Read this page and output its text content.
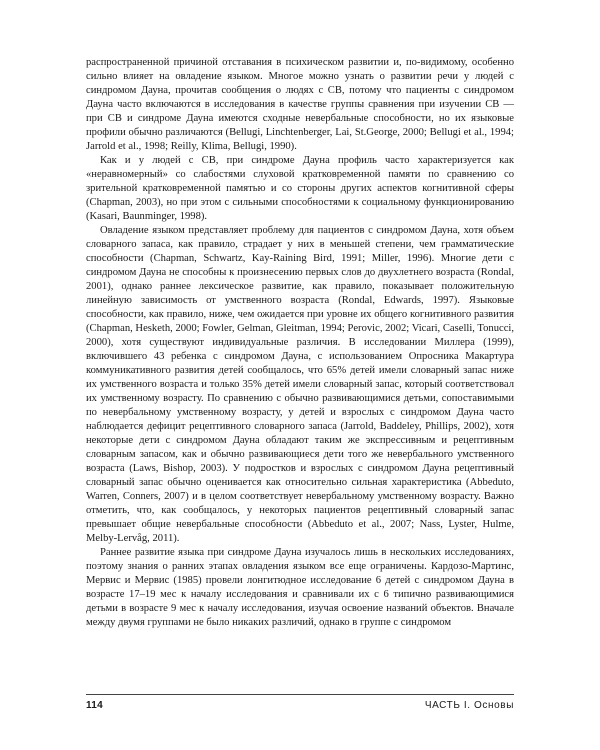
распространенной причиной отставания в психическом развитии и, по-видимому, особенно сильно влияет на овладение языком. Многое можно узнать о развитии речи у людей с синдромом Дауна, прочитав сообщения о людях с СВ, потому что пациенты с синдромом Дауна часто включаются в исследования в качестве группы сравнения при изучении СВ — при СВ и синдроме Дауна имеются сходные невербальные способности, но их языковые профили обычно различаются (Bellugi, Linchtenberger, Lai, St.George, 2000; Bellugi et al., 1994; Jarrold et al., 1998; Reilly, Klima, Bellugi, 1990).

Как и у людей с СВ, при синдроме Дауна профиль часто характеризуется как «неравномерный» со слабостями слуховой кратковременной памяти по сравнению со зрительной кратковременной памятью и со стороны других аспектов когнитивной сферы (Chapman, 2003), но при этом с сильными способностями к социальному функционированию (Kasari, Baunminger, 1998).

Овладение языком представляет проблему для пациентов с синдромом Дауна, хотя объем словарного запаса, как правило, страдает у них в меньшей степени, чем грамматические способности (Chapman, Schwartz, Kay-Raining Bird, 1991; Miller, 1996). Многие дети с синдромом Дауна не способны к произнесению первых слов до двухлетнего возраста (Rondal, 2001), однако раннее лексическое развитие, как правило, показывает положительную линейную зависимость от умственного возраста (Rondal, Edwards, 1997). Языковые способности, как правило, ниже, чем ожидается при уровне их общего когнитивного развития (Chapman, Hesketh, 2000; Fowler, Gelman, Gleitman, 1994; Perovic, 2002; Vicari, Caselli, Tonucci, 2000), хотя существуют индивидуальные различия. В исследовании Миллера (1999), включившего 43 ребенка с синдромом Дауна, с использованием Опросника Макартура коммуникативного развития детей сообщалось, что 65% детей имели словарный запас ниже их умственного возраста и только 35% детей имели словарный запас, который соответствовал их умственному возрасту. По сравнению с обычно развивающимися детьми, сопоставимыми по невербальному умственному возрасту, у детей и взрослых с синдромом Дауна часто наблюдается дефицит рецептивного словарного запаса (Jarrold, Baddeley, Phillips, 2002), хотя некоторые дети с синдромом Дауна обладают таким же экспрессивным и рецептивным словарным запасом, как и обычно развивающиеся дети того же невербального умственного возраста (Laws, Bishop, 2003). У подростков и взрослых с синдромом Дауна рецептивный словарный запас обычно оценивается как относительно сильная характеристика (Abbeduto, Warren, Conners, 2007) и в целом соответствует невербальному умственному возрасту. Важно отметить, что, как сообщалось, у некоторых пациентов рецептивный словарный запас превышает общие невербальные способности (Abbeduto et al., 2007; Nass, Lyster, Hulme, Melby-Lervåg, 2011).

Раннее развитие языка при синдроме Дауна изучалось лишь в нескольких исследованиях, поэтому знания о ранних этапах овладения языком все еще ограничены. Кардозо-Мартинс, Мервис и Мервис (1985) провели лонгитюдное исследование 6 детей с синдромом Дауна в возрасте 17–19 мес к началу исследования и сравнивали их с 6 типично развивающимися детьми в возрасте 9 мес к началу исследования, изучая освоение названий объектов. Вначале между двумя группами не было никаких различий, однако в группе с синдромом

114	ЧАСТЬ I. Основы
